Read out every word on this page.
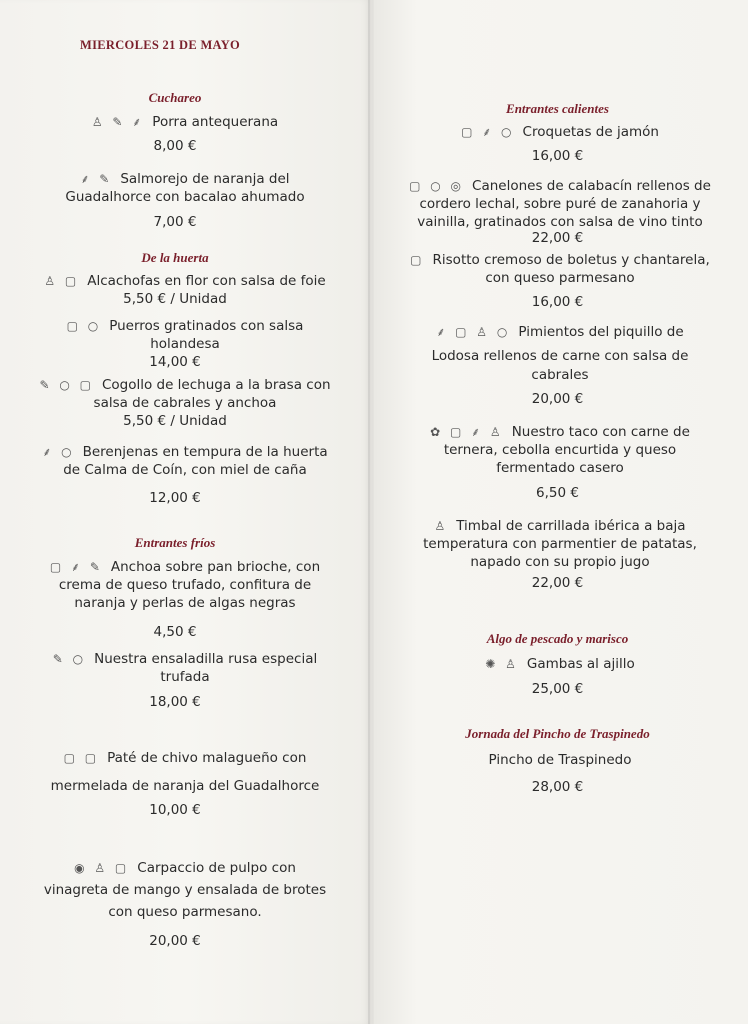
MIERCOLES 21 DE MAYO
Cuchareo
♙ ✎ ⸙ Porra antequerana
8,00 €
⸙ ✎ Salmorejo de naranja del
Guadalhorce con bacalao ahumado
7,00 €
De la huerta
♙ ▢ Alcachofas en flor con salsa de foie
5,50 € / Unidad
▢ ○ Puerros gratinados con salsa
holandesa
14,00 €
✎ ○ ▢ Cogollo de lechuga a la brasa con
salsa de cabrales y anchoa
5,50 € / Unidad
⸙ ○ Berenjenas en tempura de la huerta
de Calma de Coín, con miel de caña
12,00 €
Entrantes fríos
▢ ⸙ ✎ Anchoa sobre pan brioche, con
crema de queso trufado, confitura de
naranja y perlas de algas negras
4,50 €
✎ ○ Nuestra ensaladilla rusa especial
trufada
18,00 €
▢ ▢ Paté de chivo malagueño con
mermelada de naranja del Guadalhorce
10,00 €
◉ ♙ ▢ Carpaccio de pulpo con
vinagreta de mango y ensalada de brotes
con queso parmesano.
20,00 €
Entrantes calientes
▢ ⸙ ○ Croquetas de jamón
16,00 €
▢ ○ ◎ Canelones de calabacín rellenos de
cordero lechal, sobre puré de zanahoria y
vainilla, gratinados con salsa de vino tinto
22,00 €
▢ Risotto cremoso de boletus y chantarela,
con queso parmesano
16,00 €
⸙ ▢ ♙ ○ Pimientos del piquillo de
Lodosa rellenos de carne con salsa de
cabrales
20,00 €
✿ ▢ ⸙ ♙ Nuestro taco con carne de
ternera, cebolla encurtida y queso
fermentado casero
6,50 €
♙ Timbal de carrillada ibérica a baja
temperatura con parmentier de patatas,
napado con su propio jugo
22,00 €
Algo de pescado y marisco
✺ ♙ Gambas al ajillo
25,00 €
Jornada del Pincho de Traspinedo
Pincho de Traspinedo
28,00 €
